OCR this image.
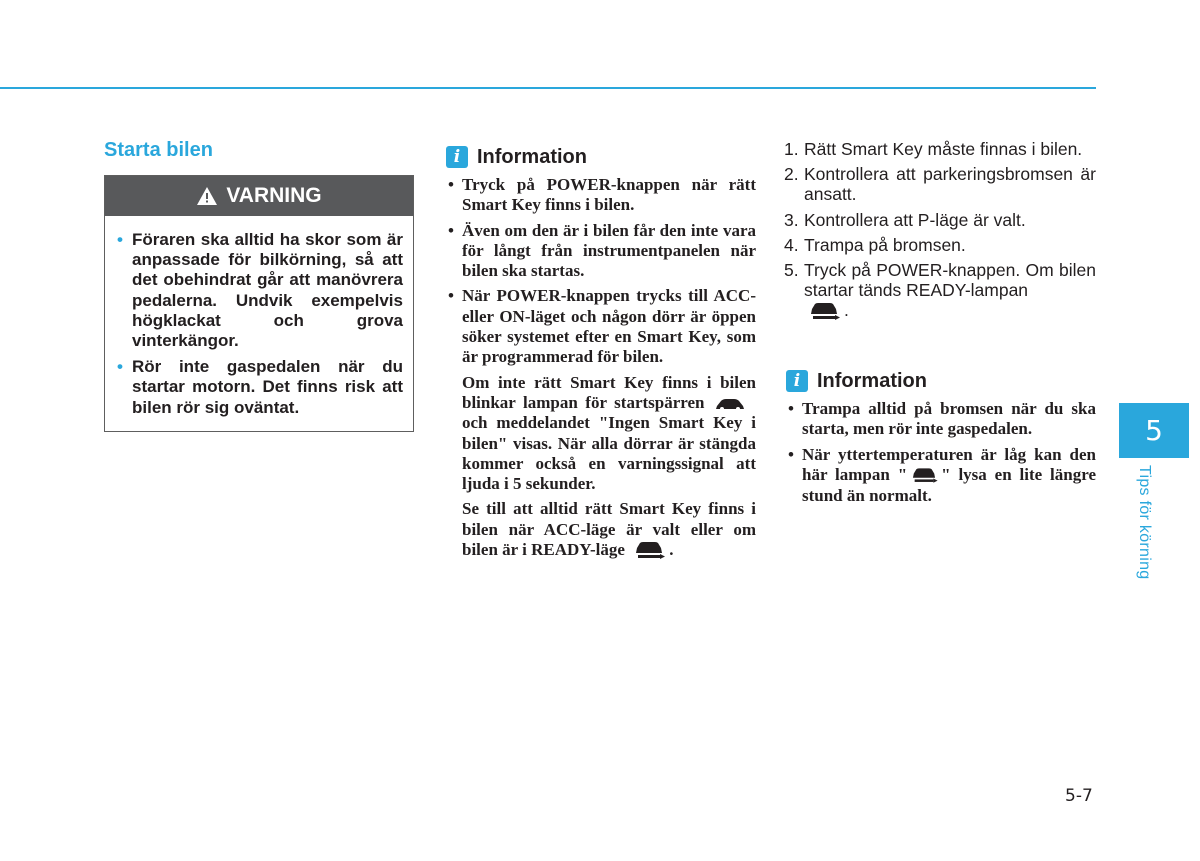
Starta bilen
VARNING
• Föraren ska alltid ha skor som är anpassade för bilkörning, så att det obehindrat går att manövrera pedalerna. Undvik exempelvis högklackat och grova vinterkängor.
• Rör inte gaspedalen när du startar motorn. Det finns risk att bilen rör sig oväntat.
i Information
• Tryck på POWER-knappen när rätt Smart Key finns i bilen.
• Även om den är i bilen får den inte vara för långt från instrumentpanelen när bilen ska startas.

• När POWER-knappen trycks till ACC- eller ON-läget och någon dörr är öppen söker systemet efter en Smart Key, som är programmerad för bilen.

Om inte rätt Smart Key finns i bilen blinkar lampan för startspärren  och meddelandet "Ingen Smart Key i bilen" visas. När alla dörrar är stängda kommer också en varningssignal att ljuda i 5 sekunder.

Se till att alltid rätt Smart Key finns i bilen när ACC-läge är valt eller om bilen är i READY-läge	.

1. Rätt Smart Key måste finnas i bilen.
2. Kontrollera att parkeringsbromsen är ansatt.
3. Kontrollera att P-läge är valt.
4. Trampa på bromsen.
5. Tryck på POWER-knappen. Om bilen startar tänds READY-lampan
.
i Information
• Trampa alltid på bromsen när du ska starta, men rör inte gaspedalen.
• När yttertemperaturen är låg kan den här lampan " " lysa en lite längre stund än normalt.
5
Tips för körning
5-7
